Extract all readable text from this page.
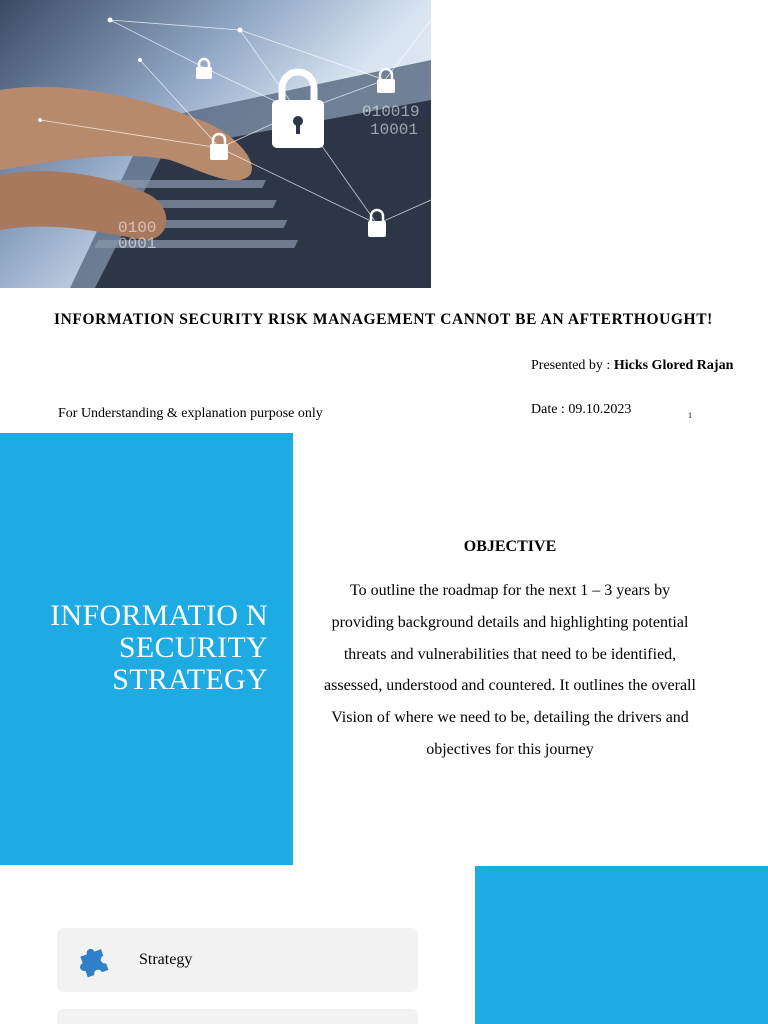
010019
10001
0100
0001
INFORMATION SECURITY RISK MANAGEMENT CANNOT BE AN AFTERTHOUGHT!
Presented by : Hicks Glored Rajan
For Understanding & explanation purpose only	Date : 09.10.2023	1
INFORMATIO N SECURITY STRATEGY
OBJECTIVE
To outline the roadmap for the next 1 – 3 years by providing background details and highlighting potential threats and vulnerabilities that need to be identified, assessed, understood and countered. It outlines the overall Vision of where we need to be, detailing the drivers and objectives for this journey
Strategy
